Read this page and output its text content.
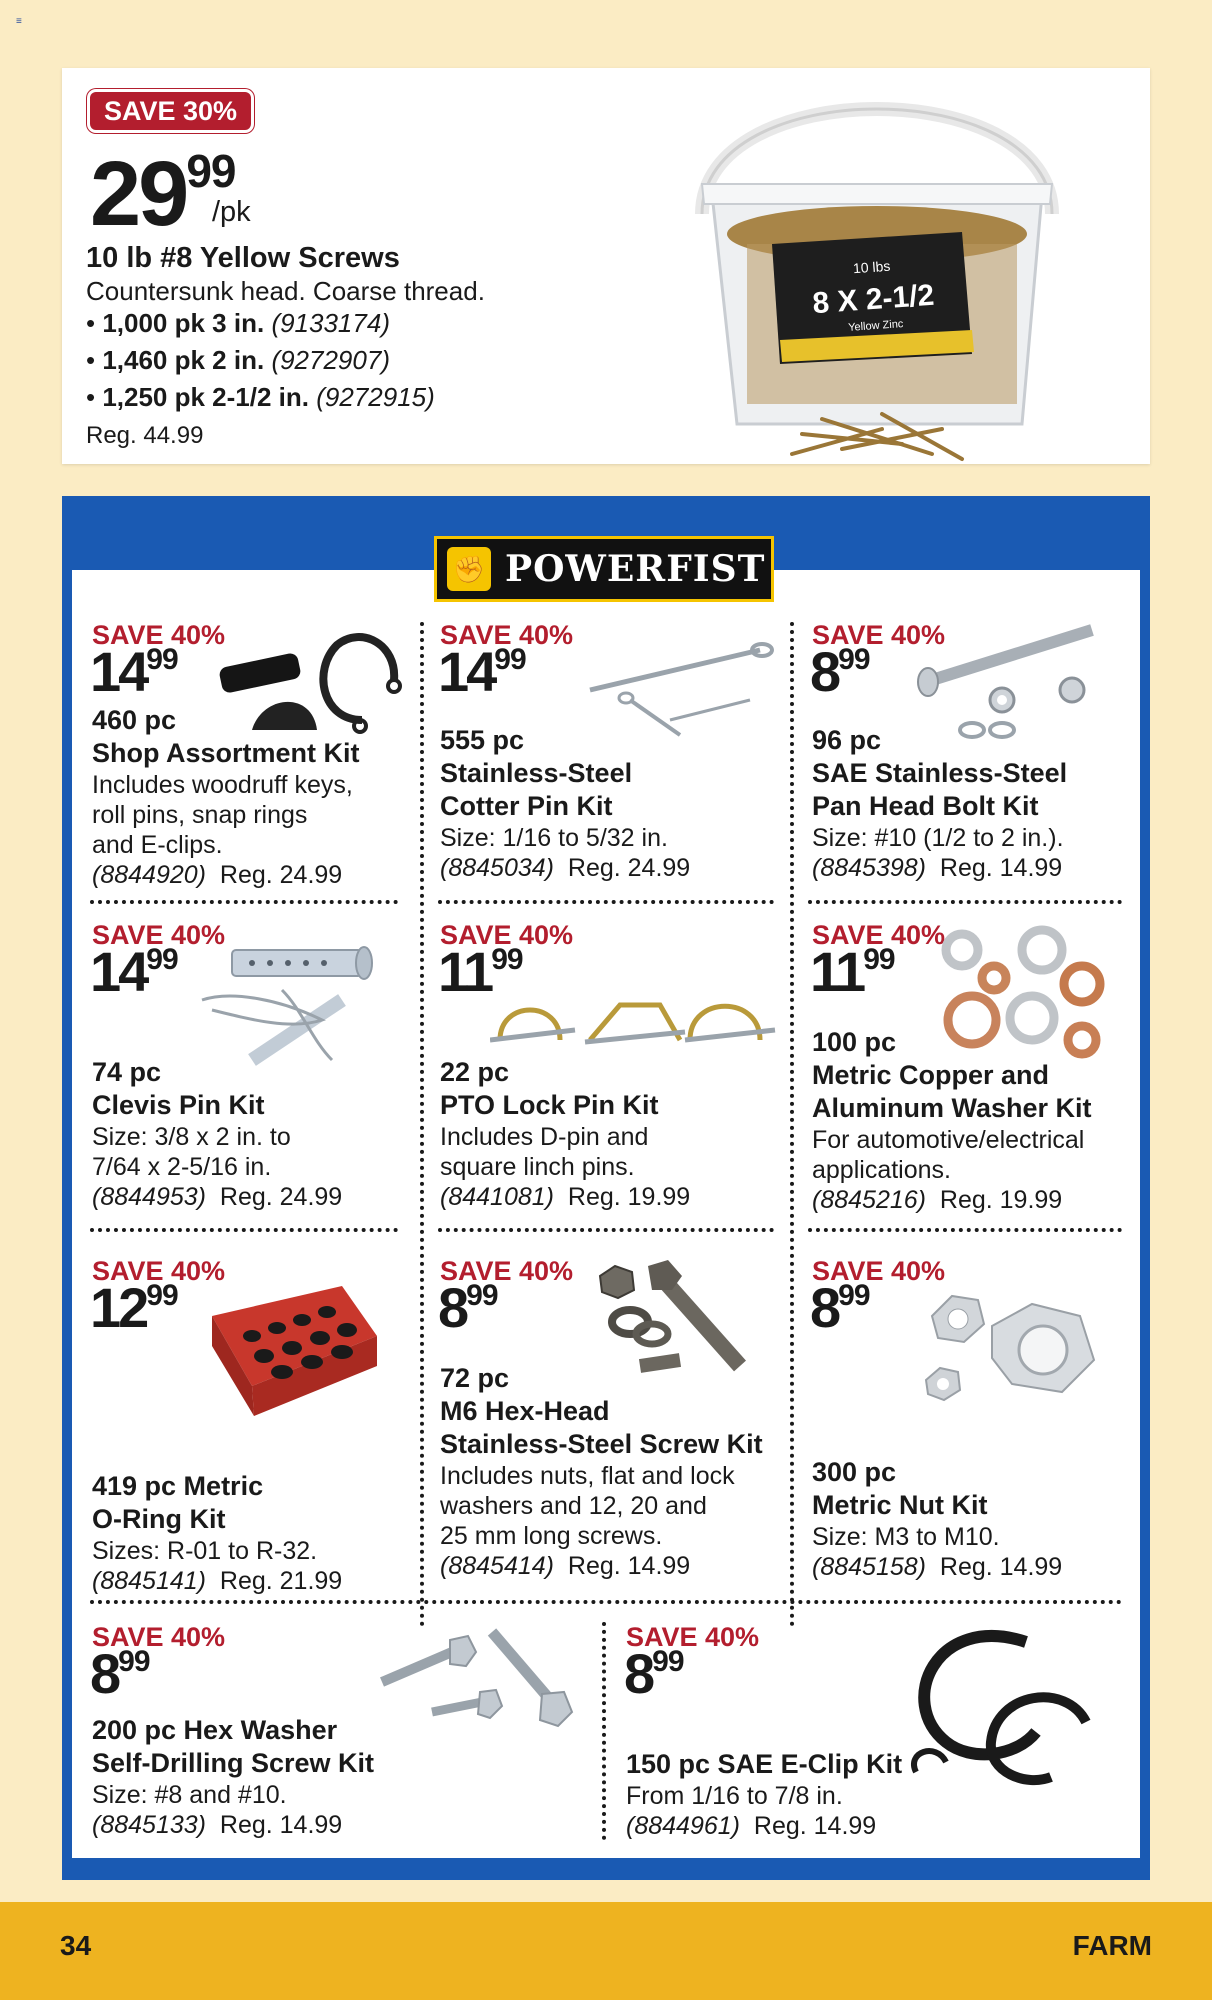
≡
SAVE 30%
2999
/pk
10 lb #8 Yellow Screws
Countersunk head. Coarse thread.
• 1,000 pk 3 in. (9133174)
• 1,460 pk 2 in. (9272907)
• 1,250 pk 2-1/2 in. (9272915)
Reg. 44.99
10 lbs
8 X 2-1/2
Yellow Zinc
✊ POWERFIST
SAVE 40%
1499
460 pc
Shop Assortment Kit
Includes woodruff keys,
roll pins, snap rings
and E-clips.
(8844920) Reg. 24.99
SAVE 40%
1499
555 pc
Stainless-Steel
Cotter Pin Kit
Size: 1/16 to 5/32 in.
(8845034) Reg. 24.99
SAVE 40%
899
96 pc
SAE Stainless-Steel
Pan Head Bolt Kit
Size: #10 (1/2 to 2 in.).
(8845398) Reg. 14.99
SAVE 40%
1499
74 pc
Clevis Pin Kit
Size: 3/8 x 2 in. to
7/64 x 2-5/16 in.
(8844953) Reg. 24.99
SAVE 40%
1199
22 pc
PTO Lock Pin Kit
Includes D-pin and
square linch pins.
(8441081) Reg. 19.99
SAVE 40%
1199
100 pc
Metric Copper and
Aluminum Washer Kit
For automotive/electrical
applications.
(8845216) Reg. 19.99
SAVE 40%
1299
419 pc Metric
O-Ring Kit
Sizes: R-01 to R-32.
(8845141) Reg. 21.99
SAVE 40%
899
72 pc
M6 Hex-Head
Stainless-Steel Screw Kit
Includes nuts, flat and lock
washers and 12, 20 and
25 mm long screws.
(8845414) Reg. 14.99
SAVE 40%
899
300 pc
Metric Nut Kit
Size: M3 to M10.
(8845158) Reg. 14.99
SAVE 40%
899
200 pc Hex Washer
Self-Drilling Screw Kit
Size: #8 and #10.
(8845133) Reg. 14.99
SAVE 40%
899
150 pc SAE E-Clip Kit
From 1/16 to 7/8 in.
(8844961) Reg. 14.99
34	FARM
